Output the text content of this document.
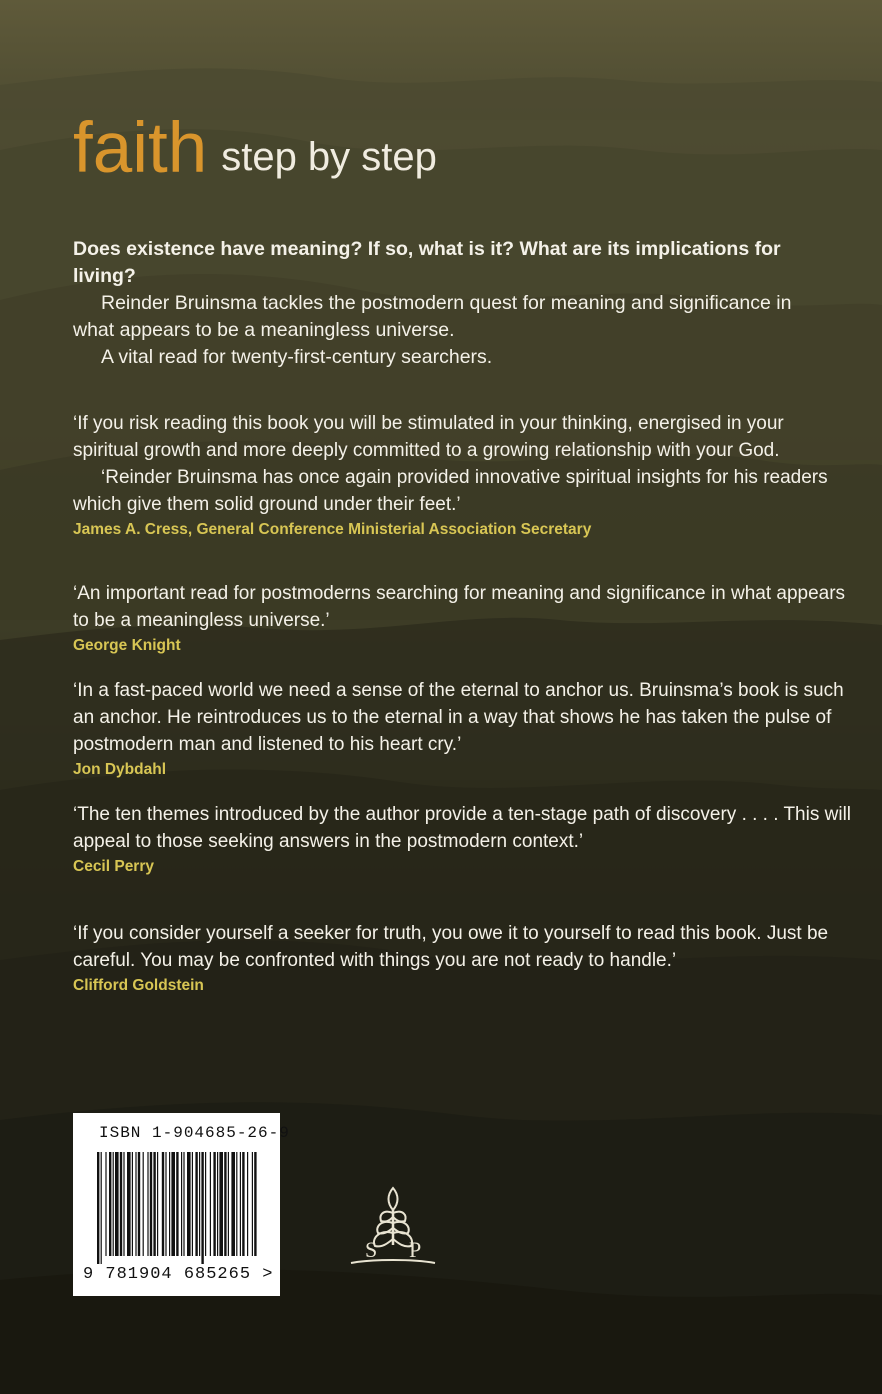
faith step by step

Does existence have meaning? If so, what is it? What are its implications for living?

Reinder Bruinsma tackles the postmodern quest for meaning and significance in what appears to be a meaningless universe.

A vital read for twenty-first-century searchers.

‘If you risk reading this book you will be stimulated in your thinking, energised in your spiritual growth and more deeply committed to a growing relationship with your God.

‘Reinder Bruinsma has once again provided innovative spiritual insights for his readers which give them solid ground under their feet.’

James A. Cress, General Conference Ministerial Association Secretary

‘An important read for postmoderns searching for meaning and significance in what appears to be a meaningless universe.’

George Knight

‘In a fast-paced world we need a sense of the eternal to anchor us. Bruinsma’s book is such an anchor. He reintroduces us to the eternal in a way that shows he has taken the pulse of postmodern man and listened to his heart cry.’

Jon Dybdahl

‘The ten themes introduced by the author provide a ten-stage path of discovery . . . . This will appeal to those seeking answers in the postmodern context.’

Cecil Perry

‘If you consider yourself a seeker for truth, you owe it to yourself to read this book. Just be careful. You may be confronted with things you are not ready to handle.’

Clifford Goldstein

ISBN 1-904685-26-9
9 781904 685265 >
S P
